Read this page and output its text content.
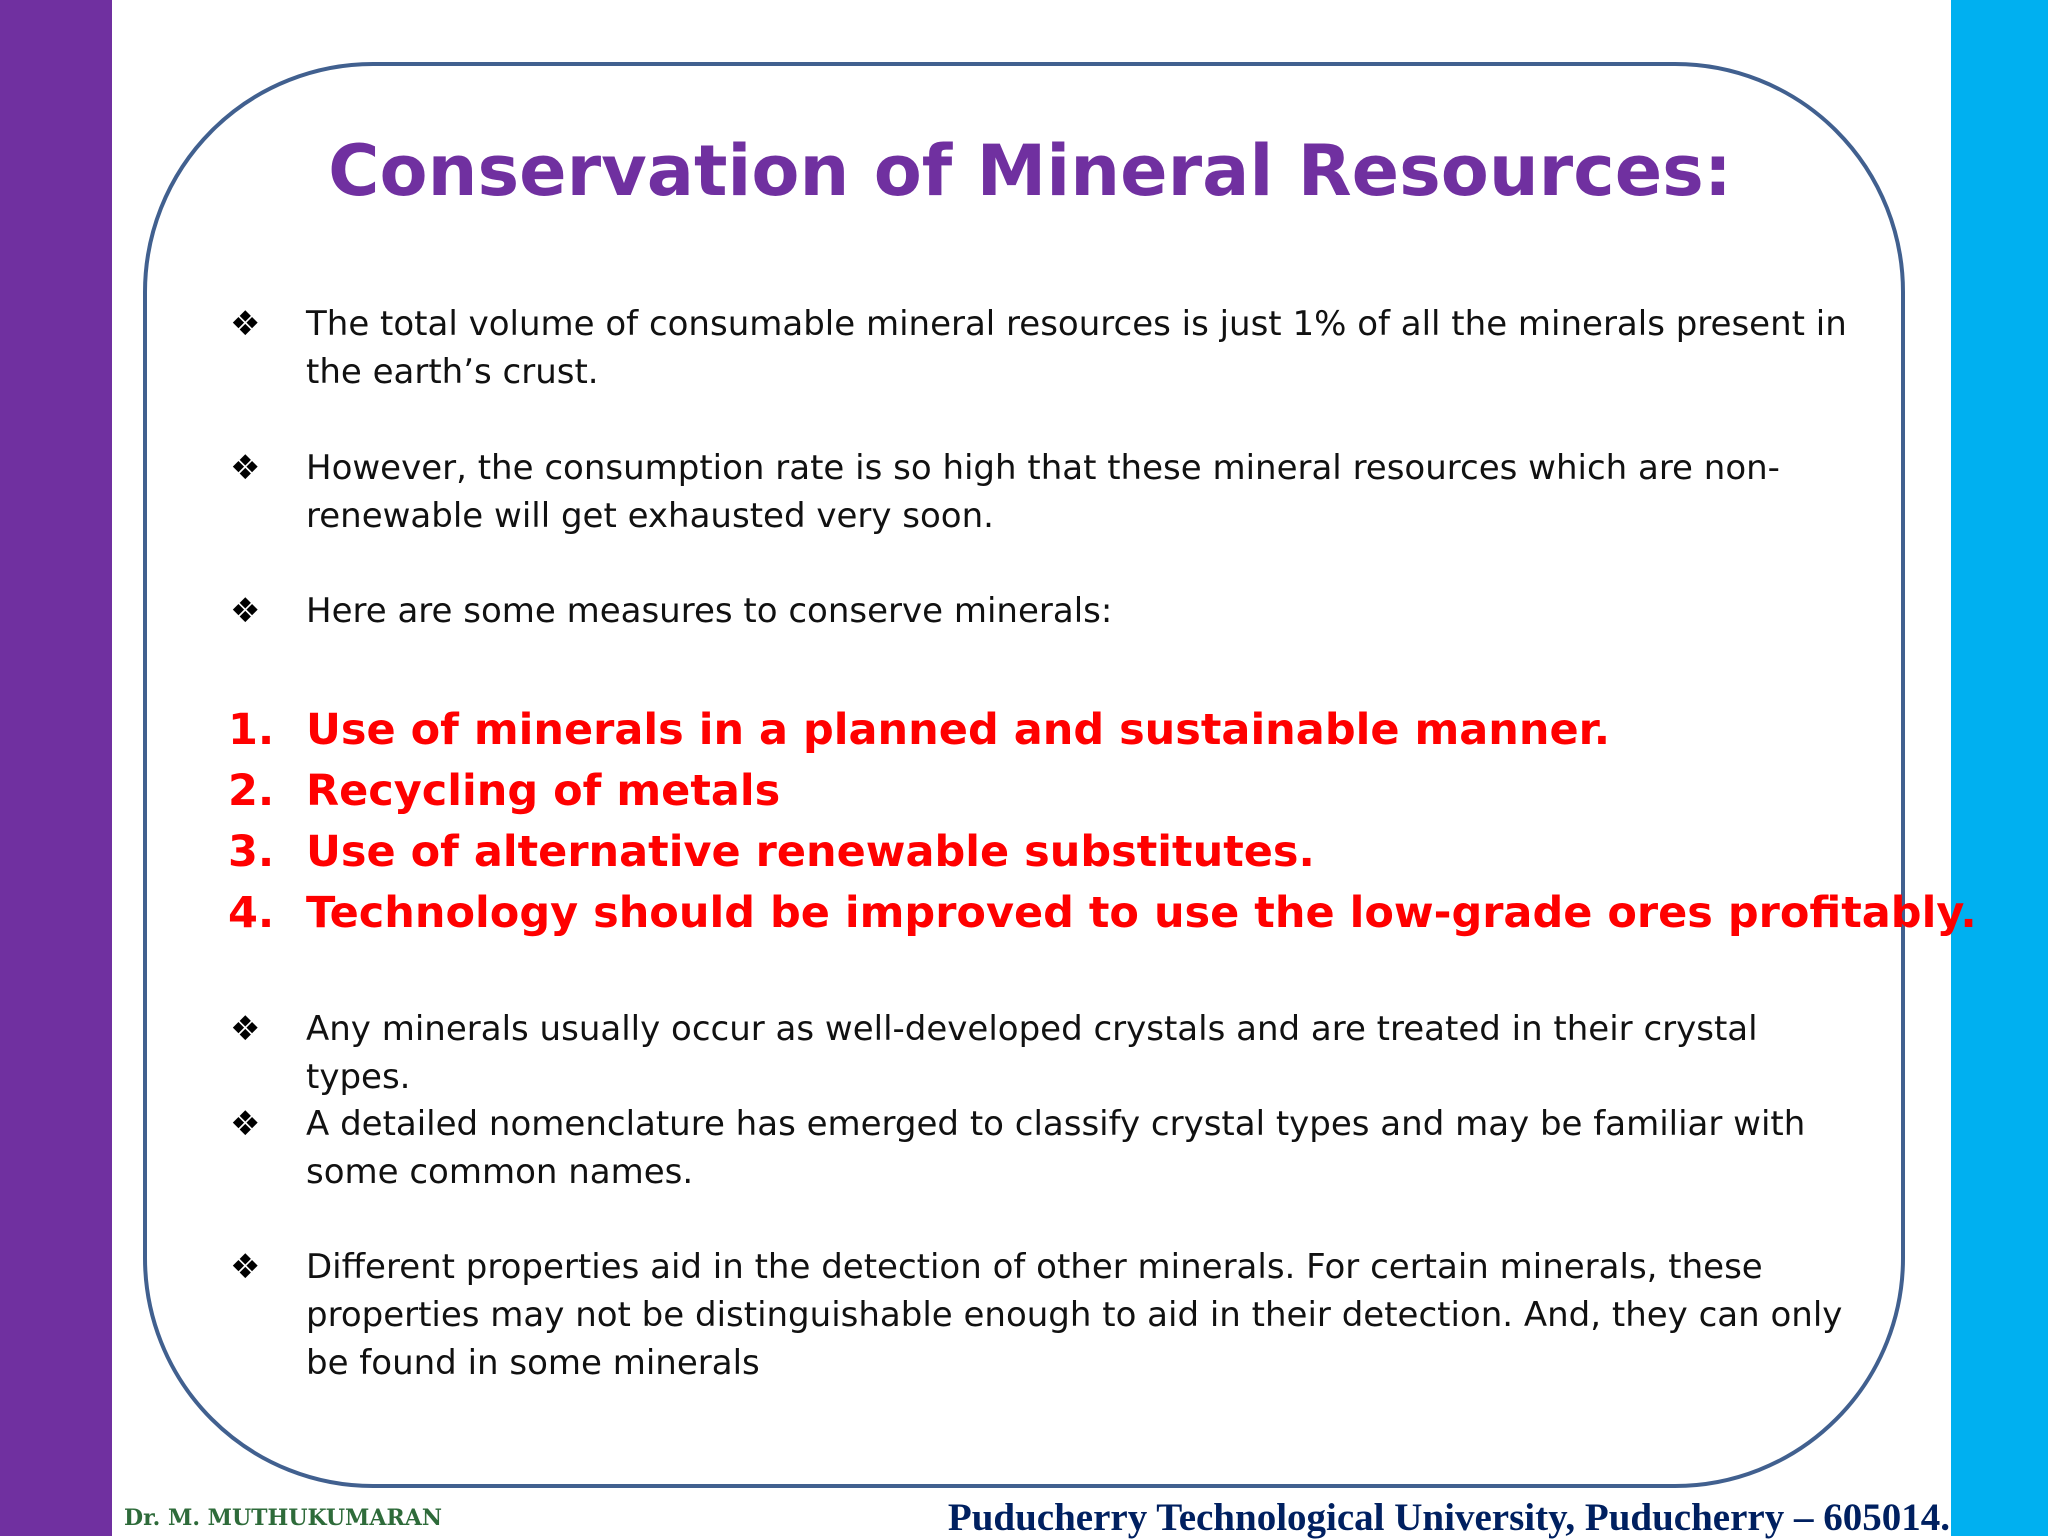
Conservation of Mineral Resources:
❖	The total volume of consumable mineral resources is just 1% of all the minerals present in the earth’s crust.

❖	However, the consumption rate is so high that these mineral resources which are non-renewable will get exhausted very soon.

❖	Here are some measures to conserve minerals:

1. Use of minerals in a planned and sustainable manner.
2. Recycling of metals
3. Use of alternative renewable substitutes.
4. Technology should be improved to use the low-grade ores profitably.
❖	Any minerals usually occur as well-developed crystals and are treated in their crystal types.

❖	A detailed nomenclature has emerged to classify crystal types and may be familiar with some common names.

❖	Different properties aid in the detection of other minerals. For certain minerals, these properties may not be distinguishable enough to aid in their detection. And, they can only be found in some minerals

Dr. M. MUTHUKUMARAN	Puducherry Technological University, Puducherry – 605014.
